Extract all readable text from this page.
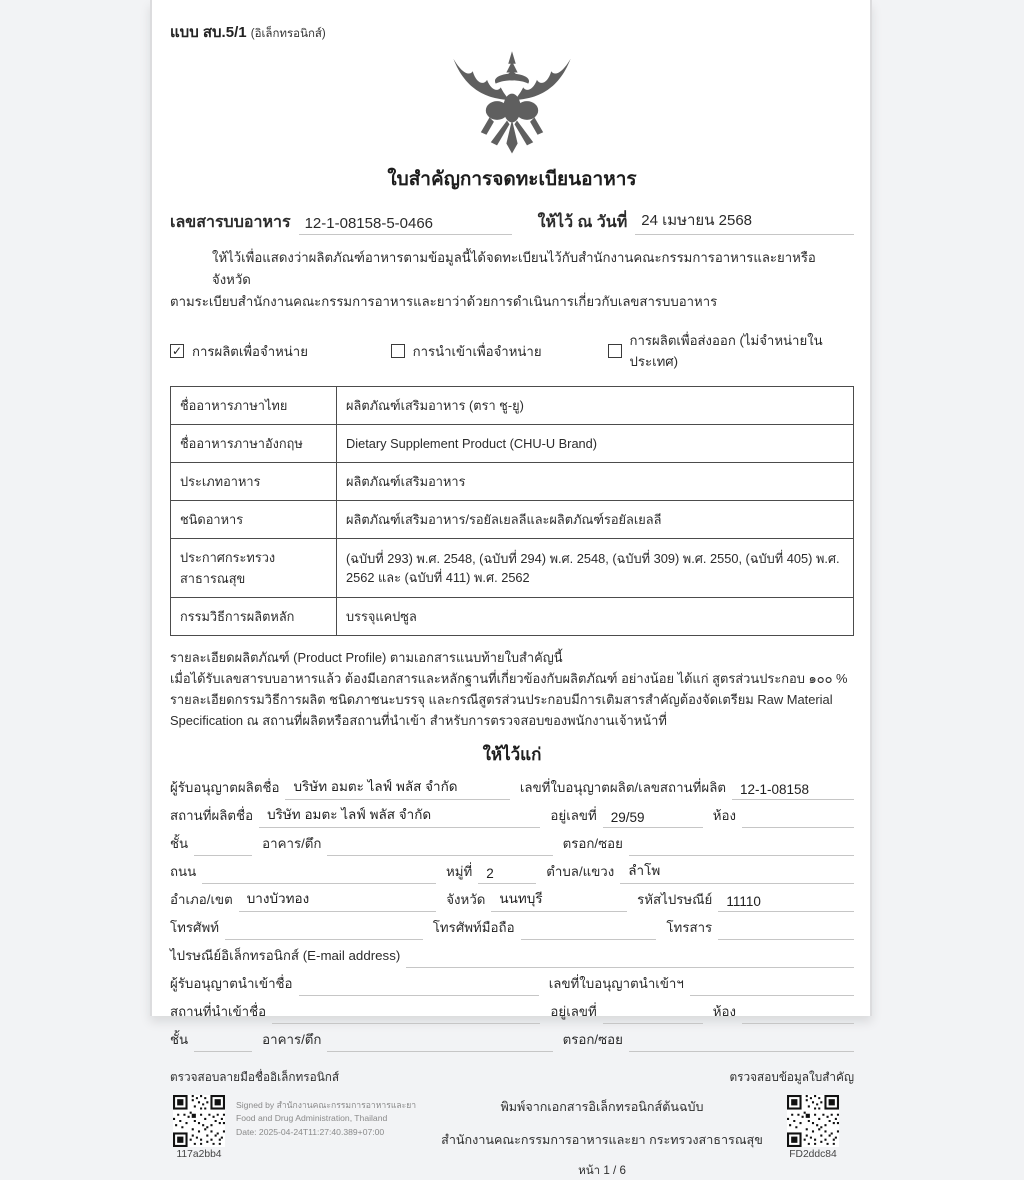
แบบ สบ.5/1 (อิเล็กทรอนิกส์)
ใบสำคัญการจดทะเบียนอาหาร
เลขสารบบอาหาร 12-1-08158-5-0466	ให้ไว้ ณ วันที่ 24 เมษายน 2568
ให้ไว้เพื่อแสดงว่าผลิตภัณฑ์อาหารตามข้อมูลนี้ได้จดทะเบียนไว้กับสำนักงานคณะกรรมการอาหารและยาหรือจังหวัด
ตามระเบียบสำนักงานคณะกรรมการอาหารและยาว่าด้วยการดำเนินการเกี่ยวกับเลขสารบบอาหาร
✓ การผลิตเพื่อจำหน่าย	การนำเข้าเพื่อจำหน่าย
การผลิตเพื่อส่งออก (ไม่จำหน่ายในประเทศ)
ชื่ออาหารภาษาไทย	ผลิตภัณฑ์เสริมอาหาร (ตรา ชู-ยู)
ชื่ออาหารภาษาอังกฤษ	Dietary Supplement Product (CHU-U Brand)
ประเภทอาหาร	ผลิตภัณฑ์เสริมอาหาร
ชนิดอาหาร	ผลิตภัณฑ์เสริมอาหาร/รอยัลเยลลีและผลิตภัณฑ์รอยัลเยลลี
ประกาศกระทรวงสาธารณสุข	(ฉบับที่ 293) พ.ศ. 2548, (ฉบับที่ 294) พ.ศ. 2548, (ฉบับที่ 309) พ.ศ. 2550, (ฉบับที่ 405) พ.ศ. 2562 และ (ฉบับที่ 411) พ.ศ. 2562
กรรมวิธีการผลิตหลัก	บรรจุแคปซูล
รายละเอียดผลิตภัณฑ์ (Product Profile) ตามเอกสารแนบท้ายใบสำคัญนี้
เมื่อได้รับเลขสารบบอาหารแล้ว ต้องมีเอกสารและหลักฐานที่เกี่ยวข้องกับผลิตภัณฑ์ อย่างน้อย ได้แก่ สูตรส่วนประกอบ ๑๐๐ % รายละเอียดกรรมวิธีการผลิต ชนิดภาชนะบรรจุ และกรณีสูตรส่วนประกอบมีการเติมสารสำคัญต้องจัดเตรียม Raw Material Specification ณ สถานที่ผลิตหรือสถานที่นำเข้า สำหรับการตรวจสอบของพนักงานเจ้าหน้าที่
ให้ไว้แก่
ผู้รับอนุญาตผลิตชื่อ	บริษัท อมตะ ไลฟ์ พลัส จำกัด	เลขที่ใบอนุญาตผลิต/เลขสถานที่ผลิต	12-1-08158
สถานที่ผลิตชื่อ	บริษัท อมตะ ไลฟ์ พลัส จำกัด	อยู่เลขที่	29/59	ห้อง
ชั้น	อาคาร/ตึก	ตรอก/ซอย
ถนน	หมู่ที่	2	ตำบล/แขวง	ลำโพ
อำเภอ/เขต	บางบัวทอง	จังหวัด	นนทบุรี	รหัสไปรษณีย์	11110
โทรศัพท์	โทรศัพท์มือถือ	โทรสาร
ไปรษณีย์อิเล็กทรอนิกส์ (E-mail address)
ผู้รับอนุญาตนำเข้าชื่อ	เลขที่ใบอนุญาตนำเข้าฯ
สถานที่นำเข้าชื่อ	อยู่เลขที่	ห้อง
ชั้น	อาคาร/ตึก	ตรอก/ซอย
ตรวจสอบลายมือชื่ออิเล็กทรอนิกส์	ตรวจสอบข้อมูลใบสำคัญ
117a2bb4
Signed by สำนักงานคณะกรรมการอาหารและยา
Food and Drug Administration, Thailand
Date: 2025-04-24T11:27:40.389+07:00
พิมพ์จากเอกสารอิเล็กทรอนิกส์ต้นฉบับ
สำนักงานคณะกรรมการอาหารและยา กระทรวงสาธารณสุข
หน้า 1 / 6
FD2ddc84
